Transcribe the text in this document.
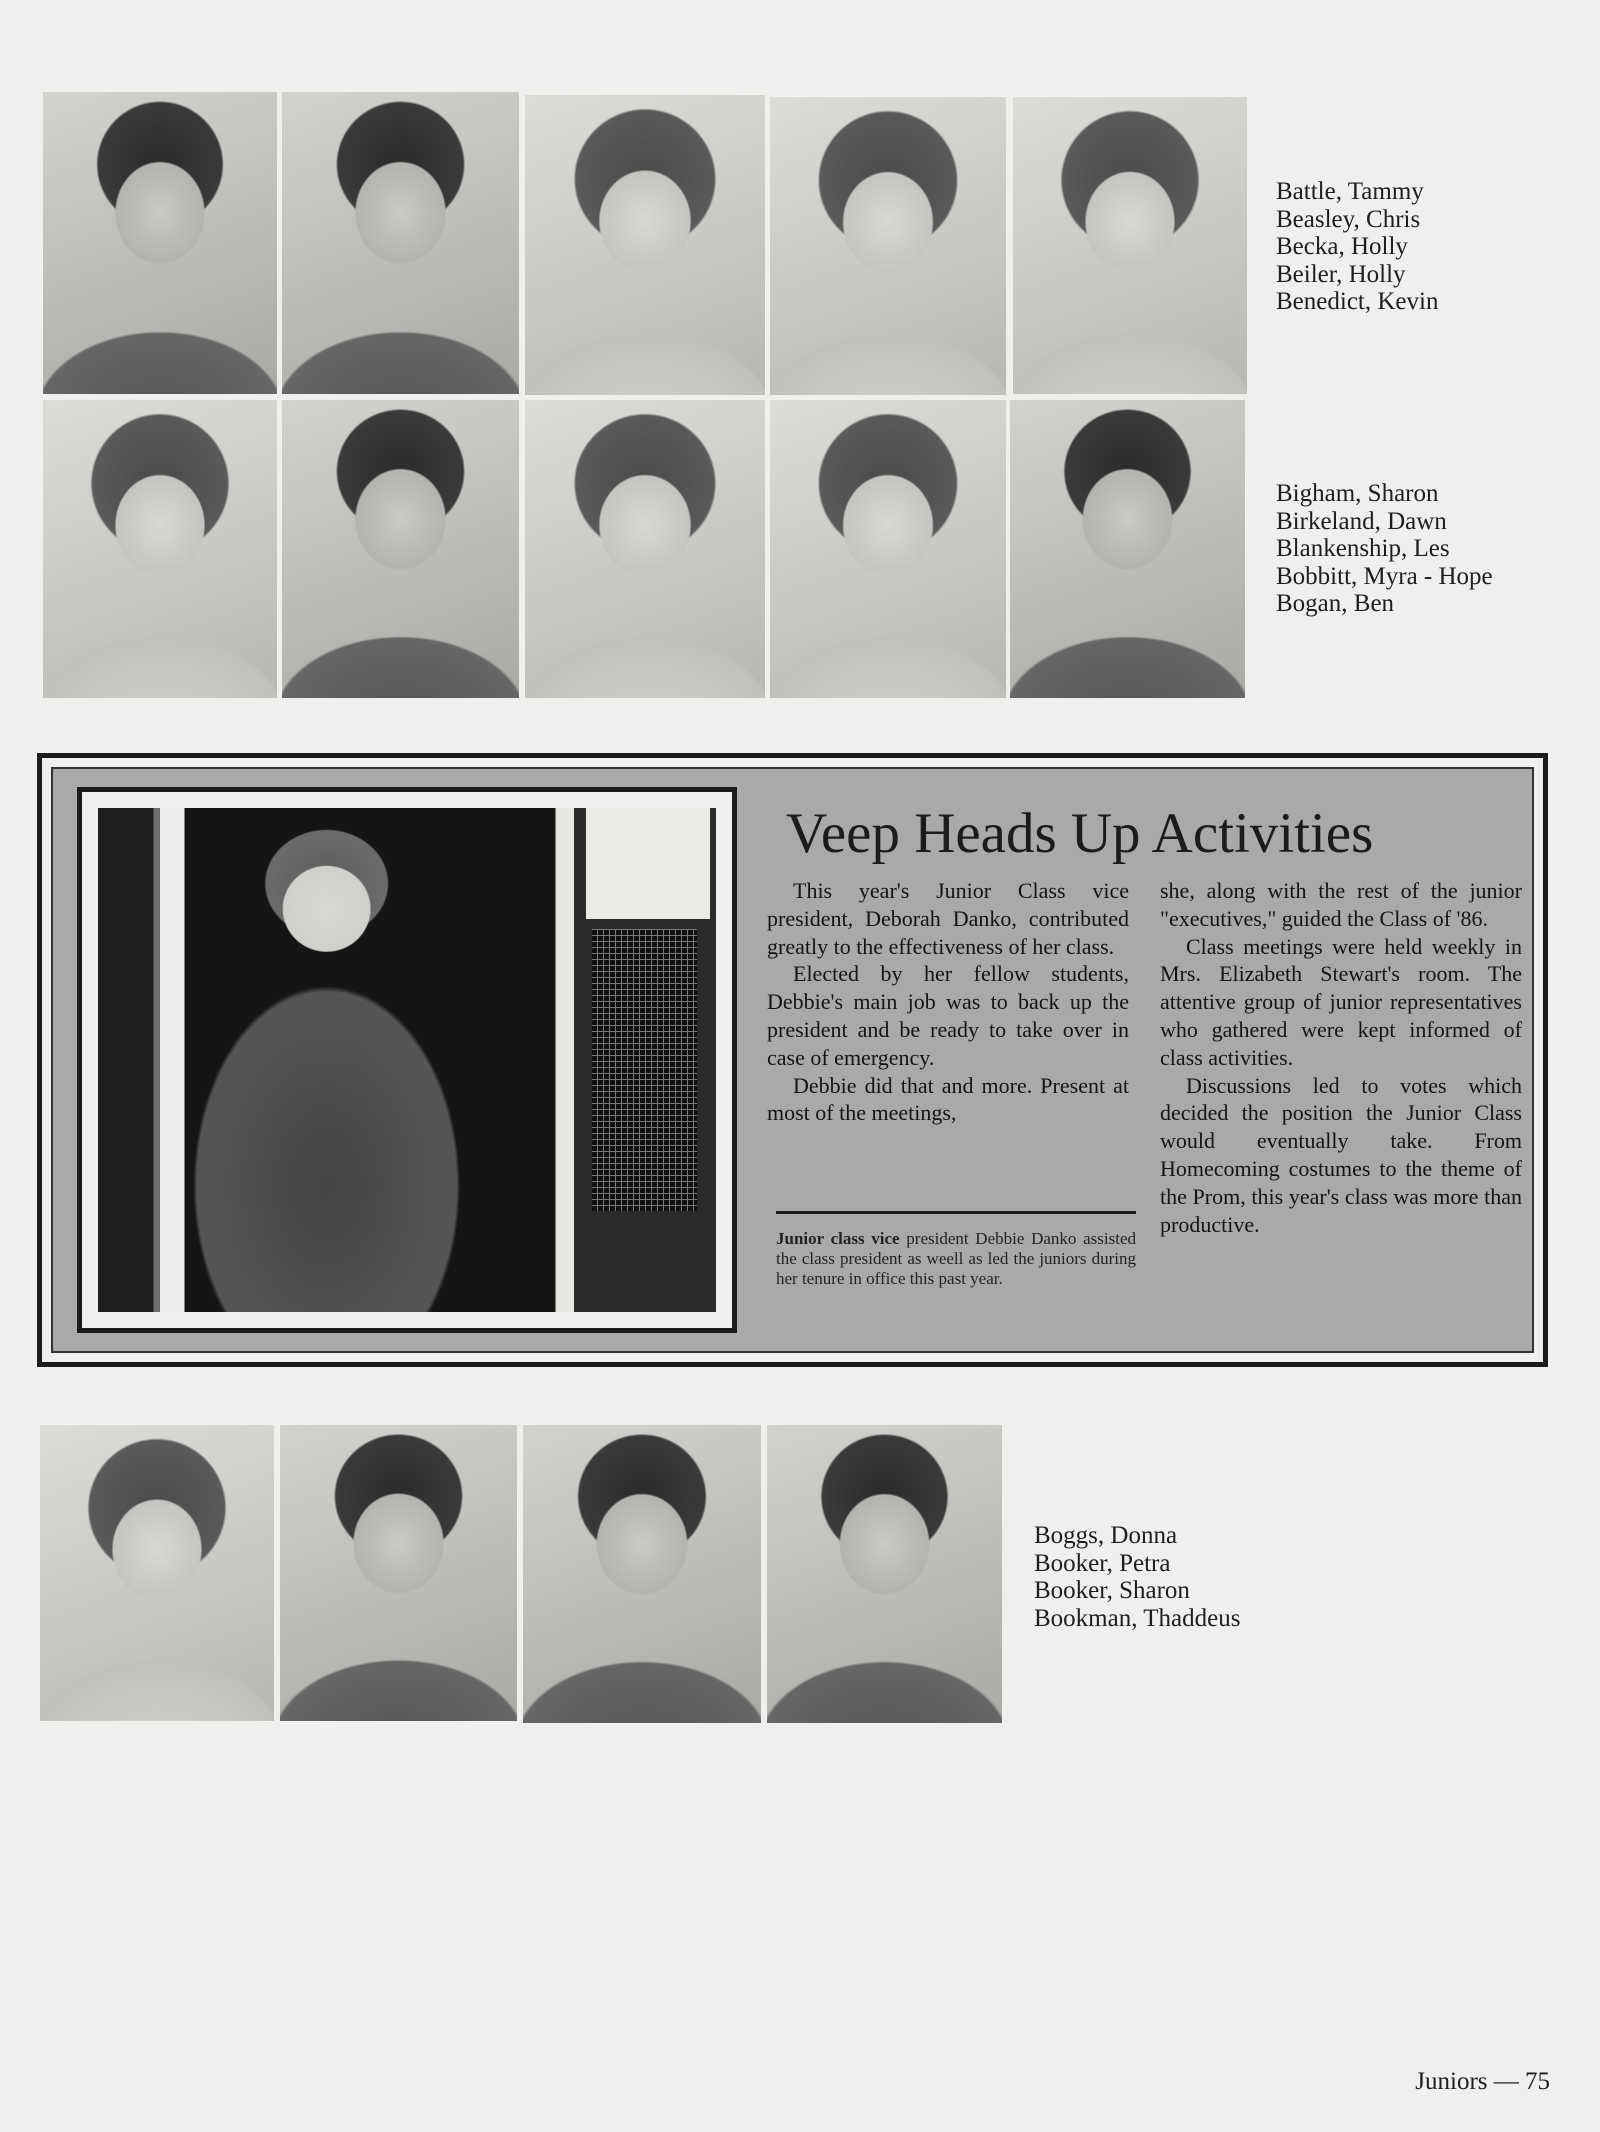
Battle, Tammy
Beasley, Chris
Becka, Holly
Beiler, Holly
Benedict, Kevin
Bigham, Sharon
Birkeland, Dawn
Blankenship, Les
Bobbitt, Myra - Hope
Bogan, Ben
Veep Heads Up Activities

This year's Junior Class vice president, Deborah Danko, contributed greatly to the effectiveness of her class.

Elected by her fellow students, Debbie's main job was to back up the president and be ready to take over in case of emergency.

Debbie did that and more. Present at most of the meetings,

Junior class vice president Debbie Danko assisted the class president as weell as led the juniors during her tenure in office this past year.

she, along with the rest of the junior "executives," guided the Class of '86.

Class meetings were held weekly in Mrs. Elizabeth Stewart's room. The attentive group of junior representatives who gathered were kept informed of class activities.

Discussions led to votes which decided the position the Junior Class would eventually take. From Homecoming costumes to the theme of the Prom, this year's class was more than productive.

Boggs, Donna
Booker, Petra
Booker, Sharon
Bookman, Thaddeus
Juniors — 75
